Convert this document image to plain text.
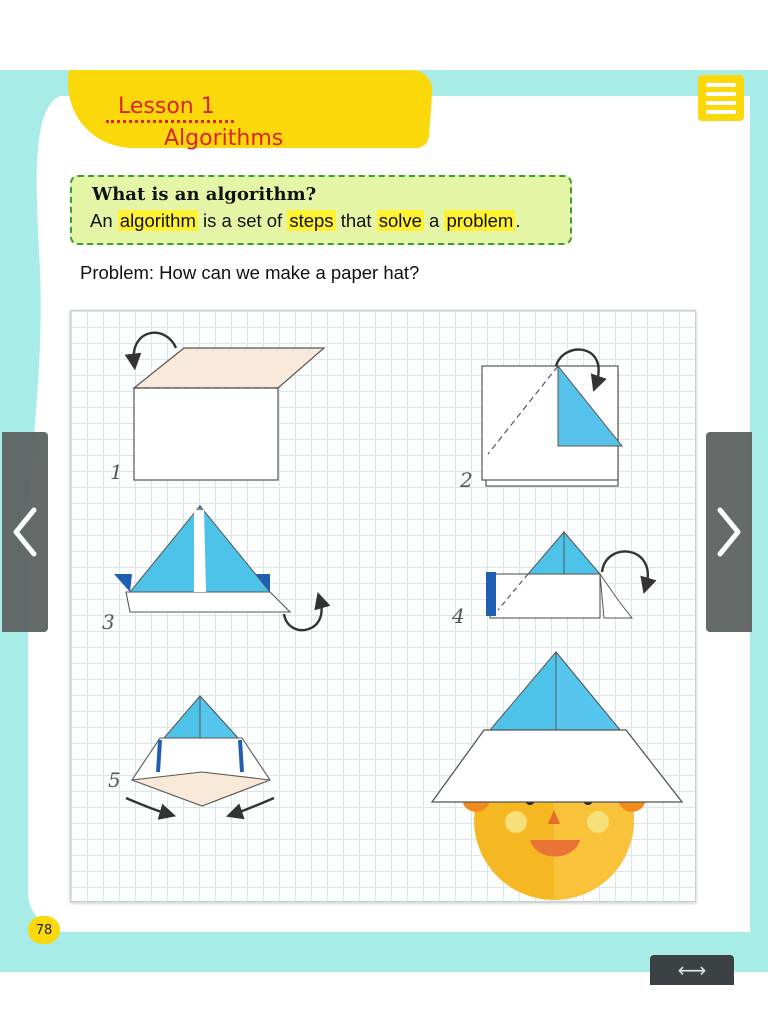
Lesson 1
Algorithms
What is an algorithm?
An algorithm is a set of steps that solve a problem .
Problem: How can we make a paper hat?
1	2
3	4
5
78
⟷
